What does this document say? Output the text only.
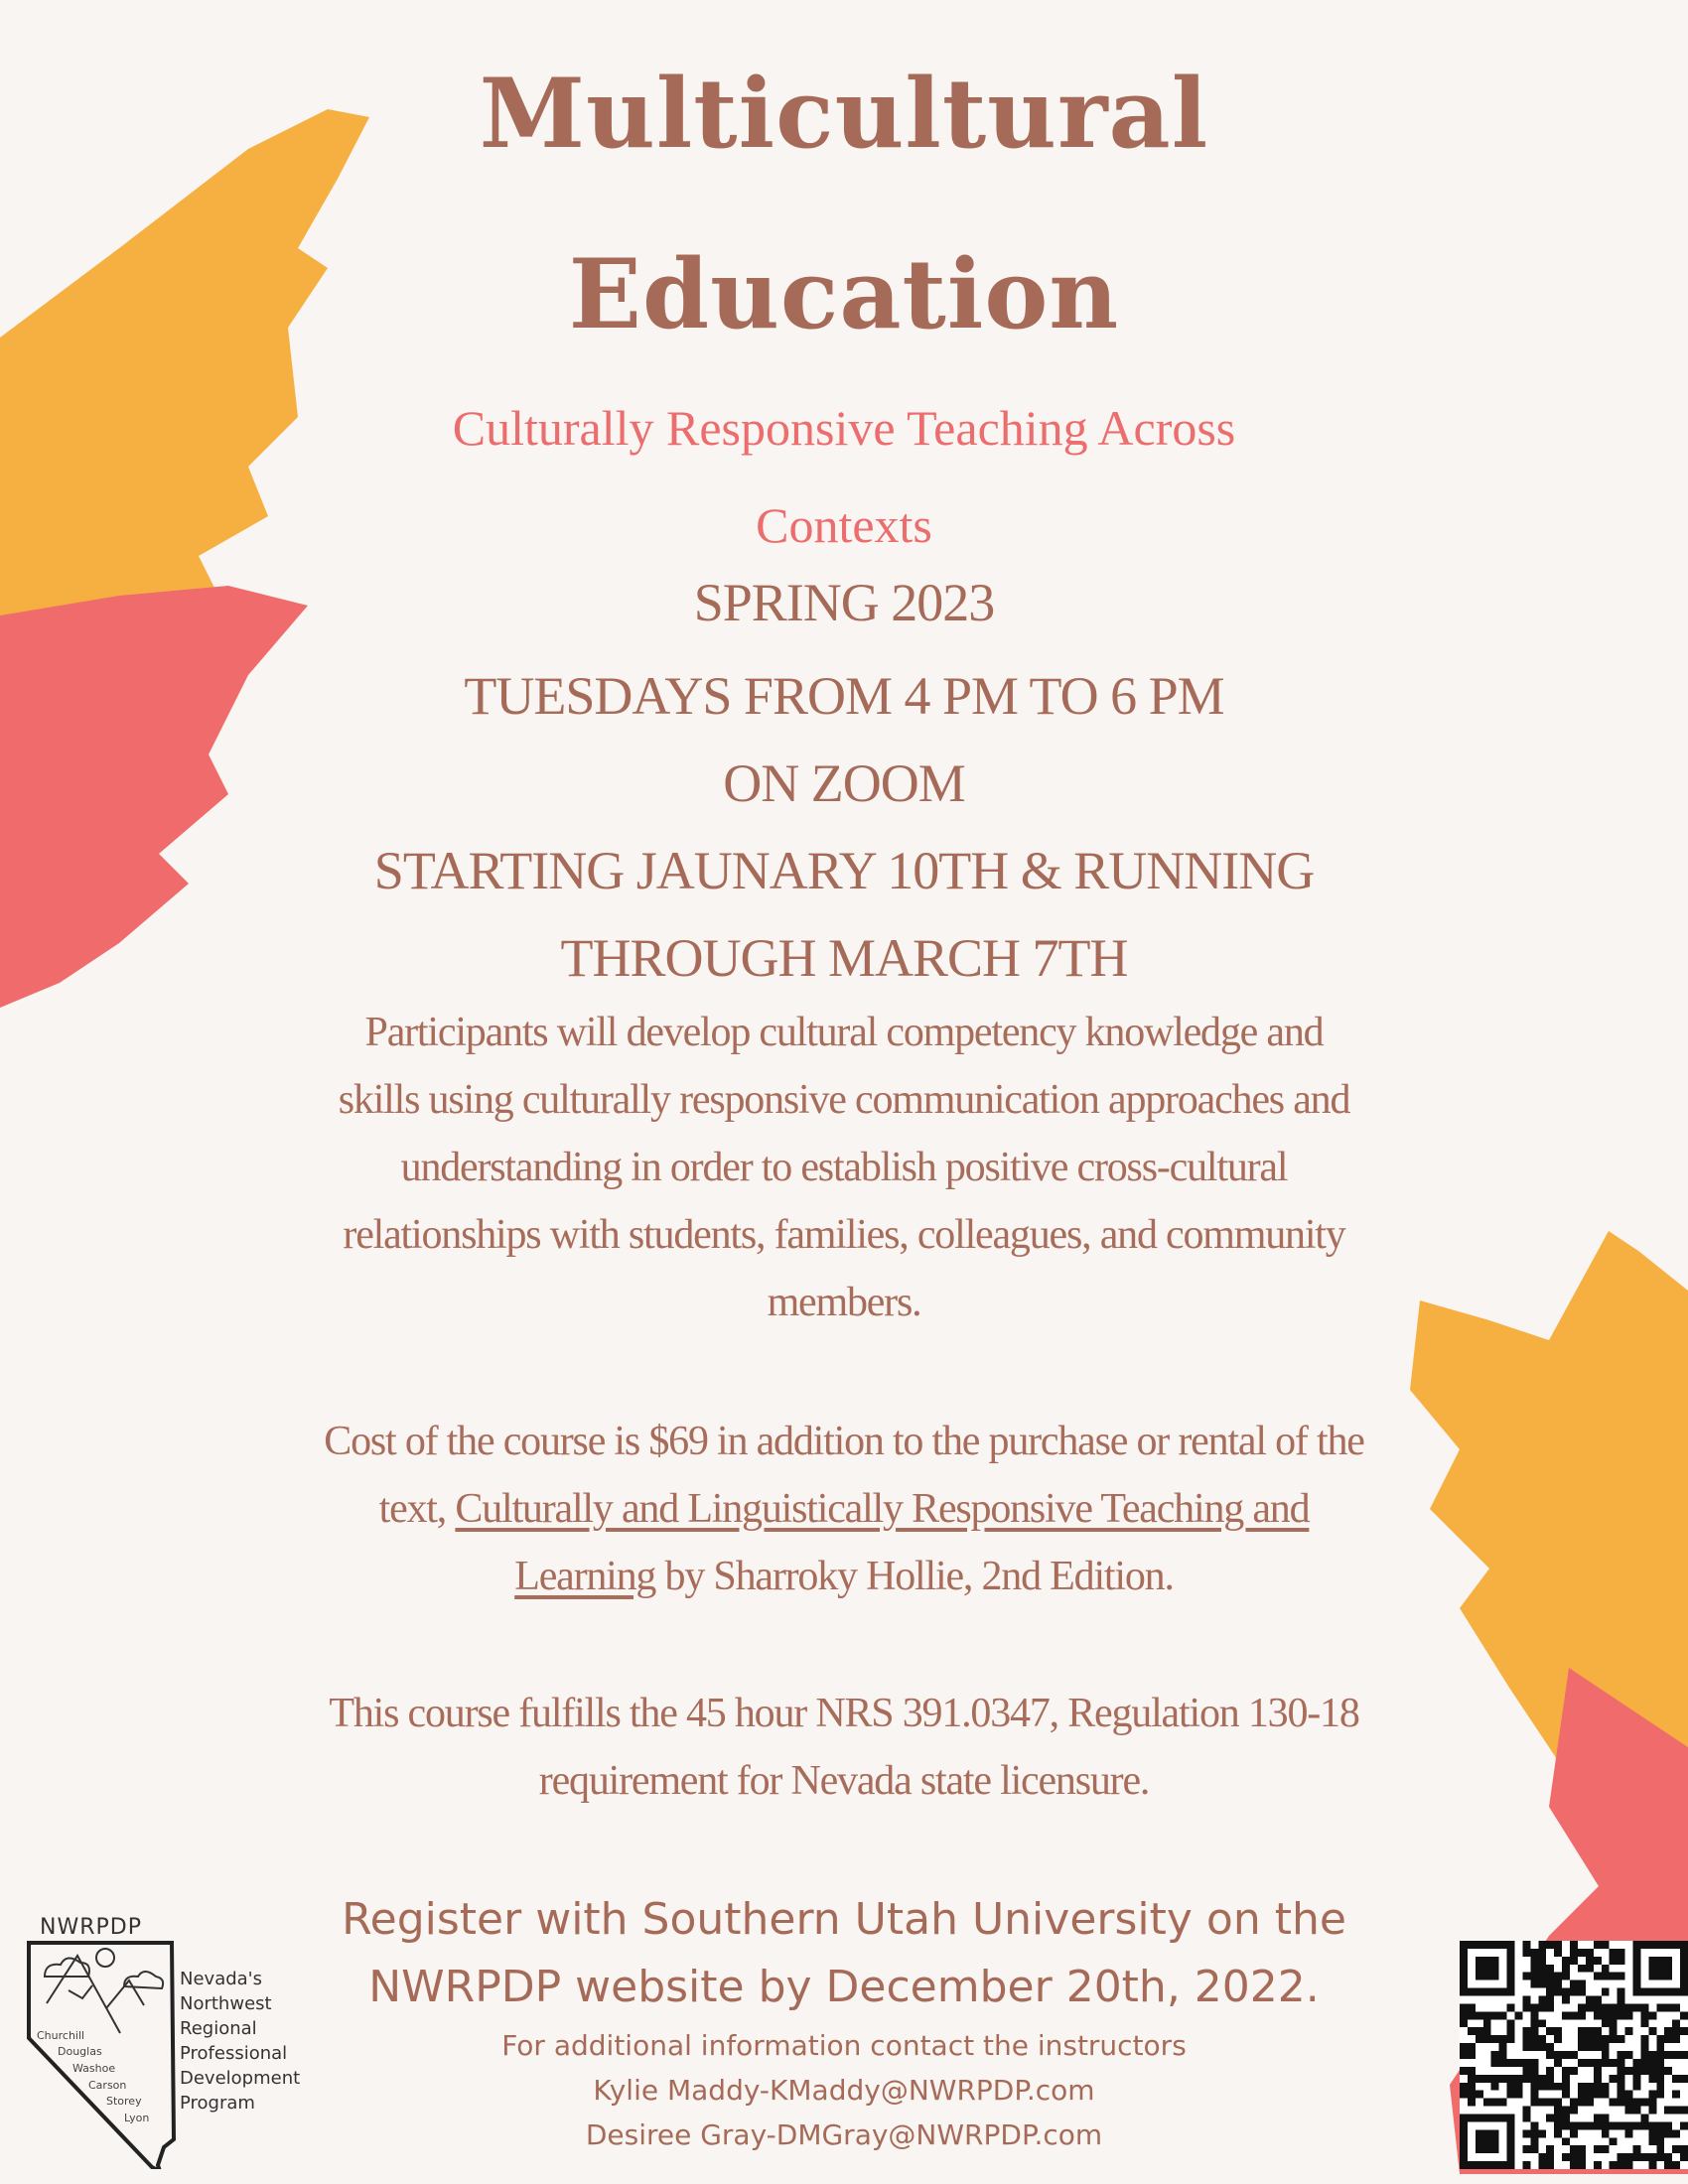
Multicultural
Education
Culturally Responsive Teaching Across
Contexts
SPRING 2023
TUESDAYS FROM 4 PM TO 6 PM
ON ZOOM
STARTING JAUNARY 10TH & RUNNING
THROUGH MARCH 7TH
Participants will develop cultural competency knowledge and
skills using culturally responsive communication approaches and
understanding in order to establish positive cross-cultural
relationships with students, families, colleagues, and community
members.
Cost of the course is $69 in addition to the purchase or rental of the
text, Culturally and Linguistically Responsive Teaching and
Learning by Sharroky Hollie, 2nd Edition.
This course fulfills the 45 hour NRS 391.0347, Regulation 130-18
requirement for Nevada state licensure.
Register with Southern Utah University on the
NWRPDP website by December 20th, 2022.
For additional information contact the instructors
Kylie Maddy-KMaddy@NWRPDP.com
Desiree Gray-DMGray@NWRPDP.com
NWRPDP
Churchill
Douglas
Washoe
Carson
Storey
Lyon
Nevada's
Northwest
Regional
Professional
Development
Program
